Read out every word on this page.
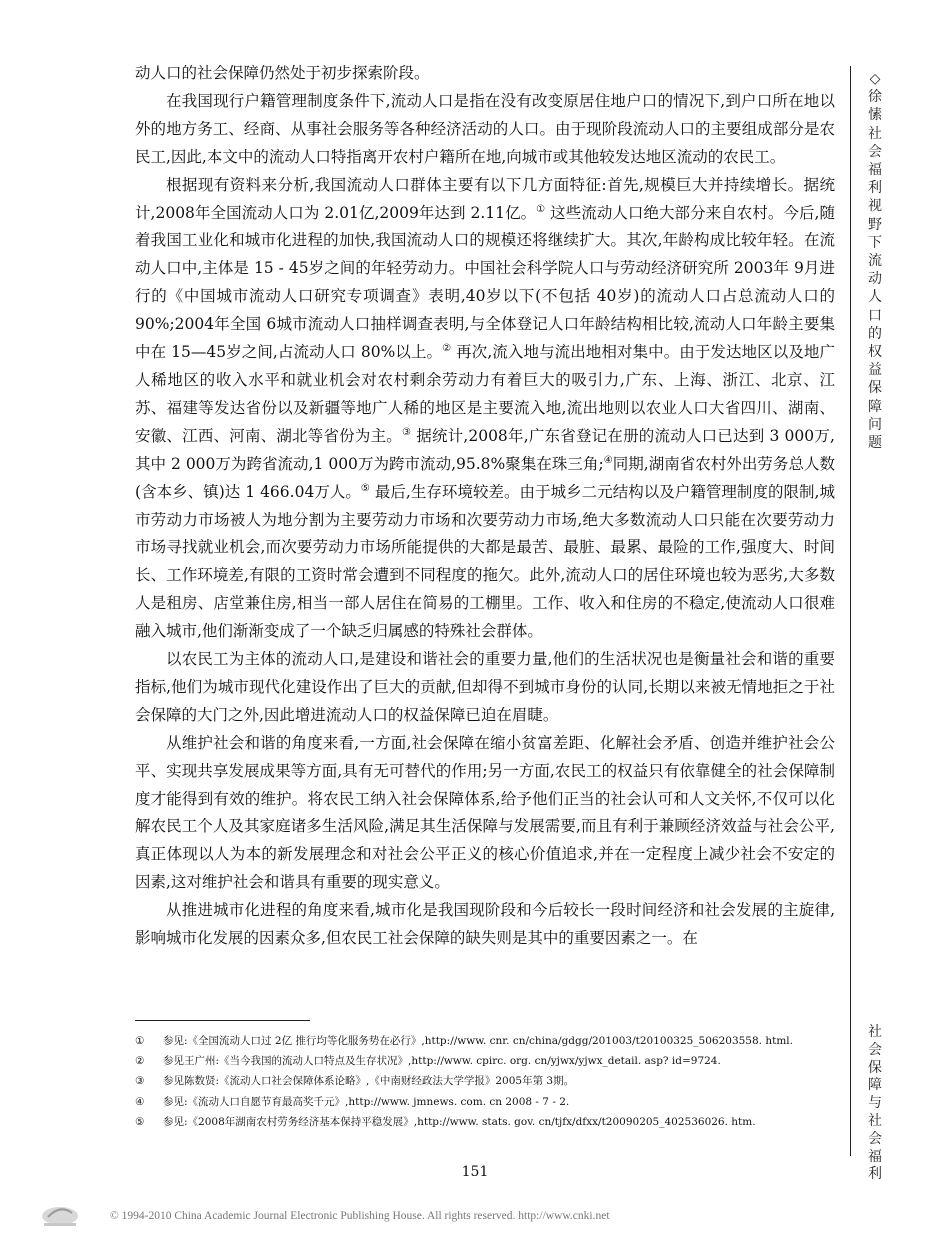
动人口的社会保障仍然处于初步探索阶段。

在我国现行户籍管理制度条件下,流动人口是指在没有改变原居住地户口的情况下,到户口所在地以外的地方务工、经商、从事社会服务等各种经济活动的人口。由于现阶段流动人口的主要组成部分是农民工,因此,本文中的流动人口特指离开农村户籍所在地,向城市或其他较发达地区流动的农民工。

根据现有资料来分析,我国流动人口群体主要有以下几方面特征:首先,规模巨大并持续增长。据统计,2008年全国流动人口为 2.01亿,2009年达到 2.11亿。① 这些流动人口绝大部分来自农村。今后,随着我国工业化和城市化进程的加快,我国流动人口的规模还将继续扩大。其次,年龄构成比较年轻。在流动人口中,主体是 15 - 45岁之间的年轻劳动力。中国社会科学院人口与劳动经济研究所 2003年 9月进行的《中国城市流动人口研究专项调查》表明,40岁以下(不包括 40岁)的流动人口占总流动人口的 90%;2004年全国 6城市流动人口抽样调查表明,与全体登记人口年龄结构相比较,流动人口年龄主要集中在 15—45岁之间,占流动人口 80%以上。② 再次,流入地与流出地相对集中。由于发达地区以及地广人稀地区的收入水平和就业机会对农村剩余劳动力有着巨大的吸引力,广东、上海、浙江、北京、江苏、福建等发达省份以及新疆等地广人稀的地区是主要流入地,流出地则以农业人口大省四川、湖南、安徽、江西、河南、湖北等省份为主。③ 据统计,2008年,广东省登记在册的流动人口已达到 3 000万,其中 2 000万为跨省流动,1 000万为跨市流动,95.8%聚集在珠三角;④同期,湖南省农村外出劳务总人数(含本乡、镇)达 1 466.04万人。⑤ 最后,生存环境较差。由于城乡二元结构以及户籍管理制度的限制,城市劳动力市场被人为地分割为主要劳动力市场和次要劳动力市场,绝大多数流动人口只能在次要劳动力市场寻找就业机会,而次要劳动力市场所能提供的大都是最苦、最脏、最累、最险的工作,强度大、时间长、工作环境差,有限的工资时常会遭到不同程度的拖欠。此外,流动人口的居住环境也较为恶劣,大多数人是租房、店堂兼住房,相当一部人居住在简易的工棚里。工作、收入和住房的不稳定,使流动人口很难融入城市,他们渐渐变成了一个缺乏归属感的特殊社会群体。

以农民工为主体的流动人口,是建设和谐社会的重要力量,他们的生活状况也是衡量社会和谐的重要指标,他们为城市现代化建设作出了巨大的贡献,但却得不到城市身份的认同,长期以来被无情地拒之于社会保障的大门之外,因此增进流动人口的权益保障已迫在眉睫。

从维护社会和谐的角度来看,一方面,社会保障在缩小贫富差距、化解社会矛盾、创造并维护社会公平、实现共享发展成果等方面,具有无可替代的作用;另一方面,农民工的权益只有依靠健全的社会保障制度才能得到有效的维护。将农民工纳入社会保障体系,给予他们正当的社会认可和人文关怀,不仅可以化解农民工个人及其家庭诸多生活风险,满足其生活保障与发展需要,而且有利于兼顾经济效益与社会公平,真正体现以人为本的新发展理念和对社会公平正义的核心价值追求,并在一定程度上减少社会不安定的因素,这对维护社会和谐具有重要的现实意义。

从推进城市化进程的角度来看,城市化是我国现阶段和今后较长一段时间经济和社会发展的主旋律,影响城市化发展的因素众多,但农民工社会保障的缺失则是其中的重要因素之一。在

◇徐 愫 社会福利视野下流动人口的权益保障问题
社会保障与社会福利
①	参见:《全国流动人口过 2亿 推行均等化服务势在必行》,http://www. cnr. cn/china/gdgg/201003/t20100325_506203558. html.
②	参见王广州:《当今我国的流动人口特点及生存状况》,http://www. cpirc. org. cn/yjwx/yjwx_detail. asp? id=9724.
③	参见陈数贤:《流动人口社会保障体系论略》,《中南财经政法大学学报》2005年第 3期。
④	参见:《流动人口自愿节育最高奖千元》,http://www. jmnews. com. cn 2008 - 7 - 2.
⑤	参见:《2008年湖南农村劳务经济基本保持平稳发展》,http://www. stats. gov. cn/tjfx/dfxx/t20090205_402536026. htm.
151
© 1994-2010 China Academic Journal Electronic Publishing House. All rights reserved. http://www.cnki.net
